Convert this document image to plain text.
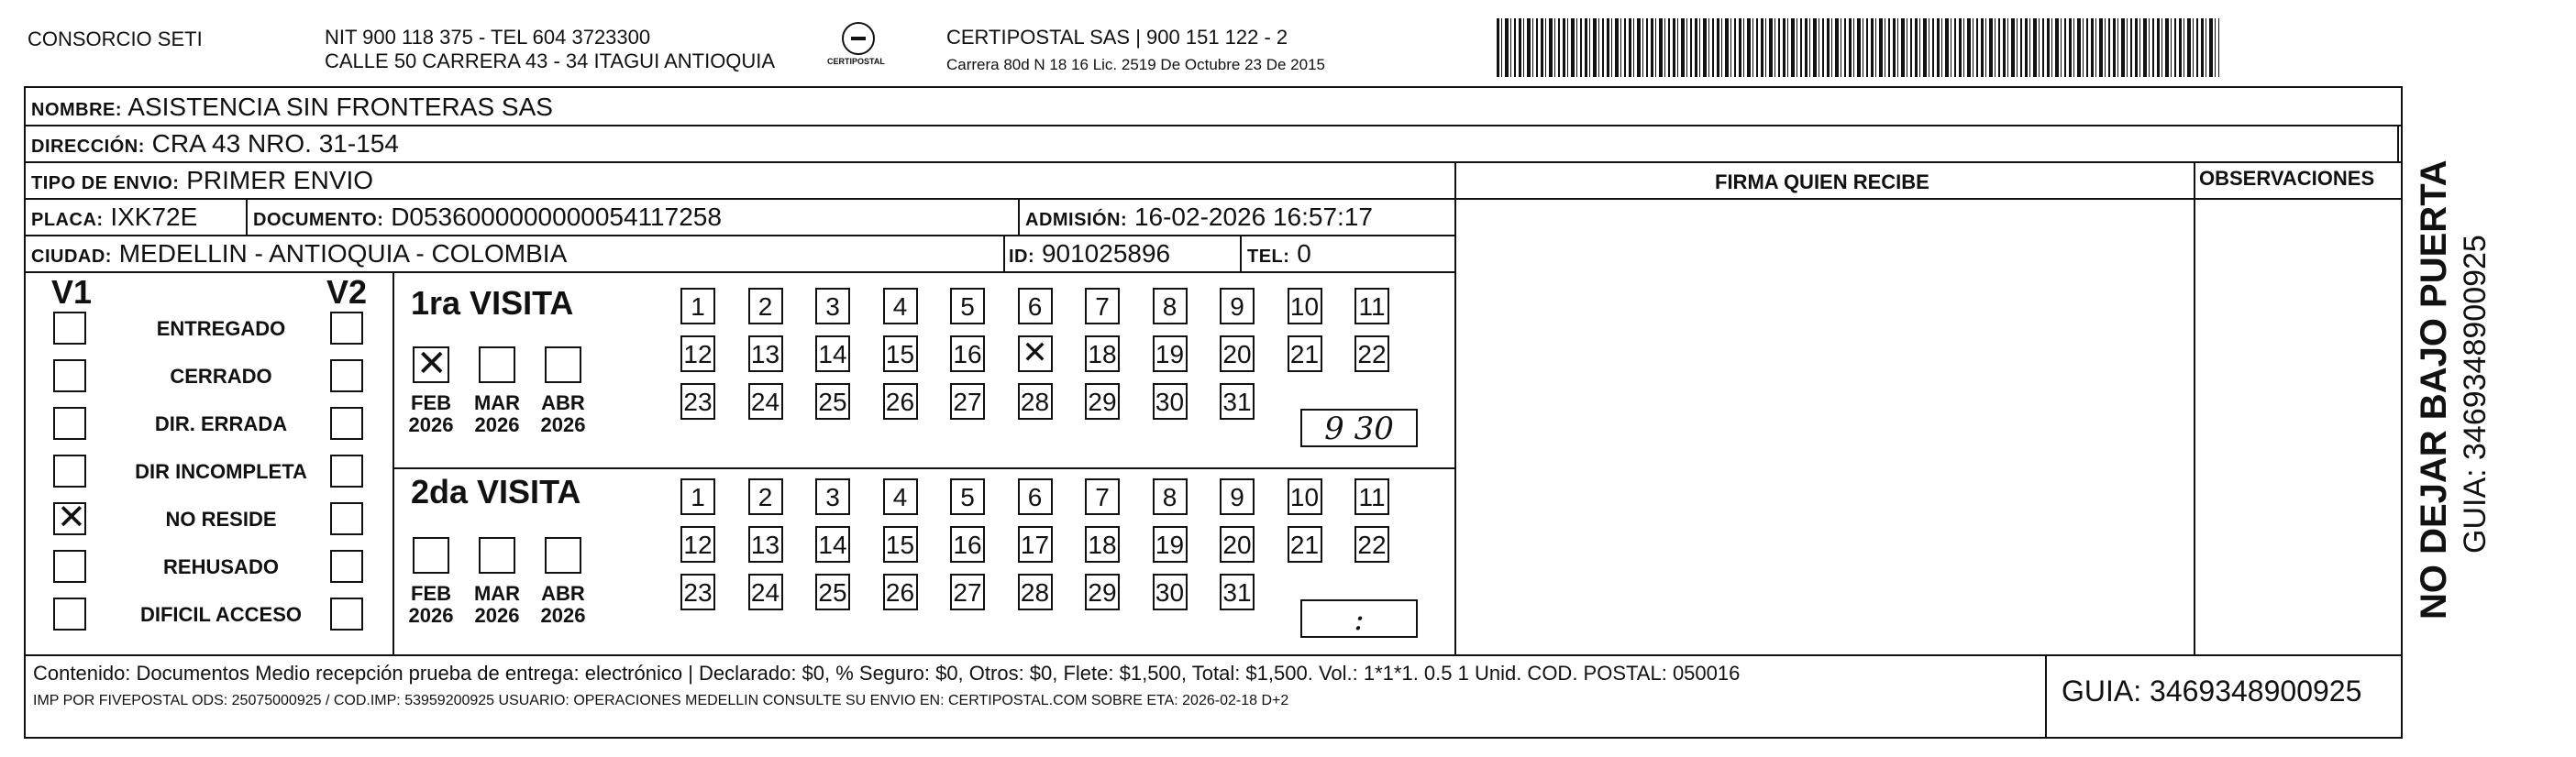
CONSORCIO SETI	NIT 900 118 375 - TEL 604 3723300
CALLE 50 CARRERA 43 - 34 ITAGUI ANTIOQUIA	CERTIPOSTAL
CERTIPOSTAL SAS | 900 151 122 - 2
Carrera 80d N 18 16 Lic. 2519 De Octubre 23 De 2015
NOMBRE: ASISTENCIA SIN FRONTERAS SAS
DIRECCIÓN: CRA 43 NRO. 31-154
TIPO DE ENVIO: PRIMER ENVIO	FIRMA QUIEN RECIBE	OBSERVACIONES
PLACA: IXK72E	DOCUMENTO: D0536000000000054117258	ADMISIÓN: 16-02-2026 16:57:17
CIUDAD: MEDELLIN - ANTIOQUIA - COLOMBIA	ID: 901025896	TEL: 0
V1	V2
ENTREGADO
CERRADO
DIR. ERRADA
DIR INCOMPLETA
✕
NO RESIDE
REHUSADO
DIFICIL ACCESO
1ra VISITA
2da VISITA
✕
FEB
2026
MAR
2026
ABR
2026
FEB
2026
MAR
2026
ABR
2026
1	2	3	4	5	6	7	8	9	10 11
12 13 14 15 16
✕	18 19 20 21 22
23 24 25 26 27 28 29 30 31
1	2	3	4	5	6	7	8	9	10 11
12 13 14 15 16 17 18 19 20 21 22
23 24 25 26 27 28 29 30 31
9 30
:
Contenido: Documentos Medio recepción prueba de entrega: electrónico | Declarado: $0, % Seguro: $0, Otros: $0, Flete: $1,500, Total: $1,500. Vol.: 1*1*1. 0.5 1 Unid. COD. POSTAL: 050016
IMP POR FIVEPOSTAL ODS: 25075000925 / COD.IMP: 53959200925 USUARIO: OPERACIONES MEDELLIN CONSULTE SU ENVIO EN: CERTIPOSTAL.COM SOBRE ETA: 2026-02-18 D+2	GUIA: 3469348900925
NO DEJAR BAJO PUERTA GUIA: 3469348900925
